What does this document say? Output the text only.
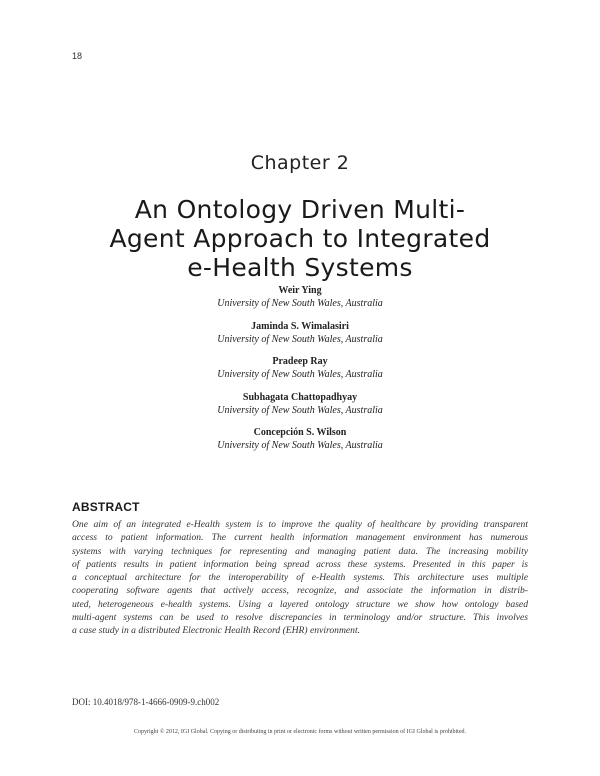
18
Chapter 2
An Ontology Driven Multi-
Agent Approach to Integrated
e-Health Systems
Weir Ying
University of New South Wales, Australia
Jaminda S. Wimalasiri
University of New South Wales, Australia
Pradeep Ray
University of New South Wales, Australia
Subhagata Chattopadhyay
University of New South Wales, Australia
Concepción S. Wilson
University of New South Wales, Australia
ABSTRACT
One aim of an integrated e-Health system is to improve the quality of healthcare by providing transparent
access to patient information. The current health information management environment has numerous
systems with varying techniques for representing and managing patient data. The increasing mobility
of patients results in patient information being spread across these systems. Presented in this paper is
a conceptual architecture for the interoperability of e-Health systems. This architecture uses multiple
cooperating software agents that actively access, recognize, and associate the information in distrib-
uted, heterogeneous e-health systems. Using a layered ontology structure we show how ontology based
multi-agent systems can be used to resolve discrepancies in terminology and/or structure. This involves
a case study in a distributed Electronic Health Record (EHR) environment.
DOI: 10.4018/978-1-4666-0909-9.ch002
Copyright © 2012, IGI Global. Copying or distributing in print or electronic forms without written permission of IGI Global is prohibited.
